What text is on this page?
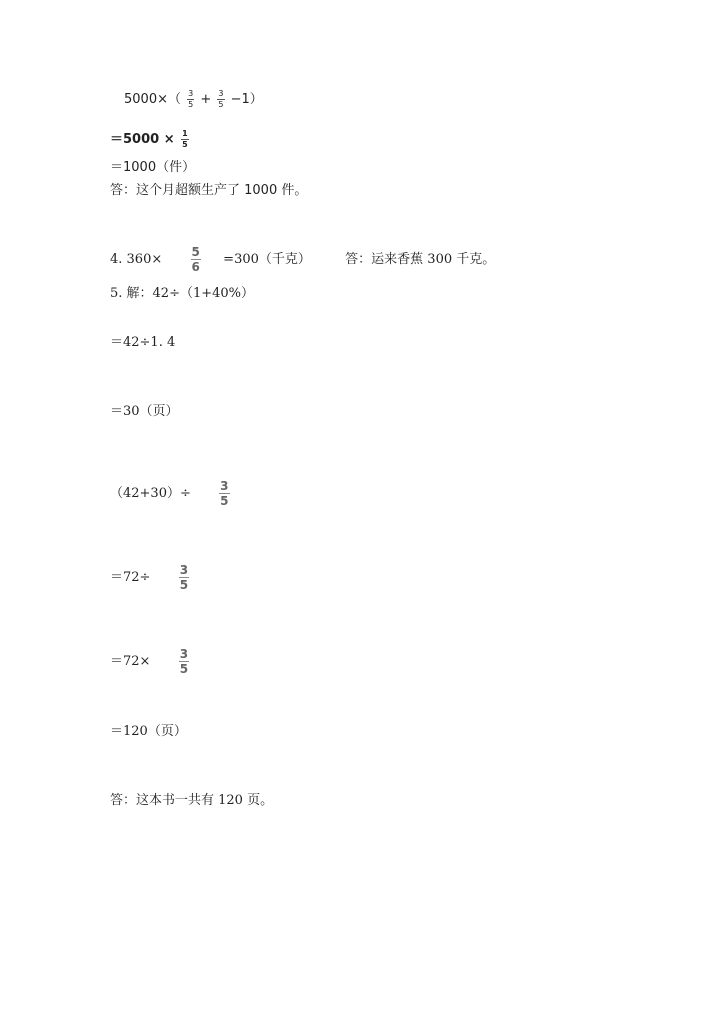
$5000\times( \frac{3}{5} + \frac{3}{5} -1)$
$=5000 \times \frac{1}{5}$
＝1000（件）
答：这个月超额生产了 1000 件。
4. $360\times \frac{5}{6} =300$（千克）	答：运来香蕉 300 千克。
5. 解：42÷（1+40%）
＝42÷1. 4
＝30（页）
$(42+30)\div \frac{3}{5}$
$=72\div \frac{3}{5}$
$=72\times \frac{3}{5}$
＝120（页）
答：这本书一共有 120 页。
